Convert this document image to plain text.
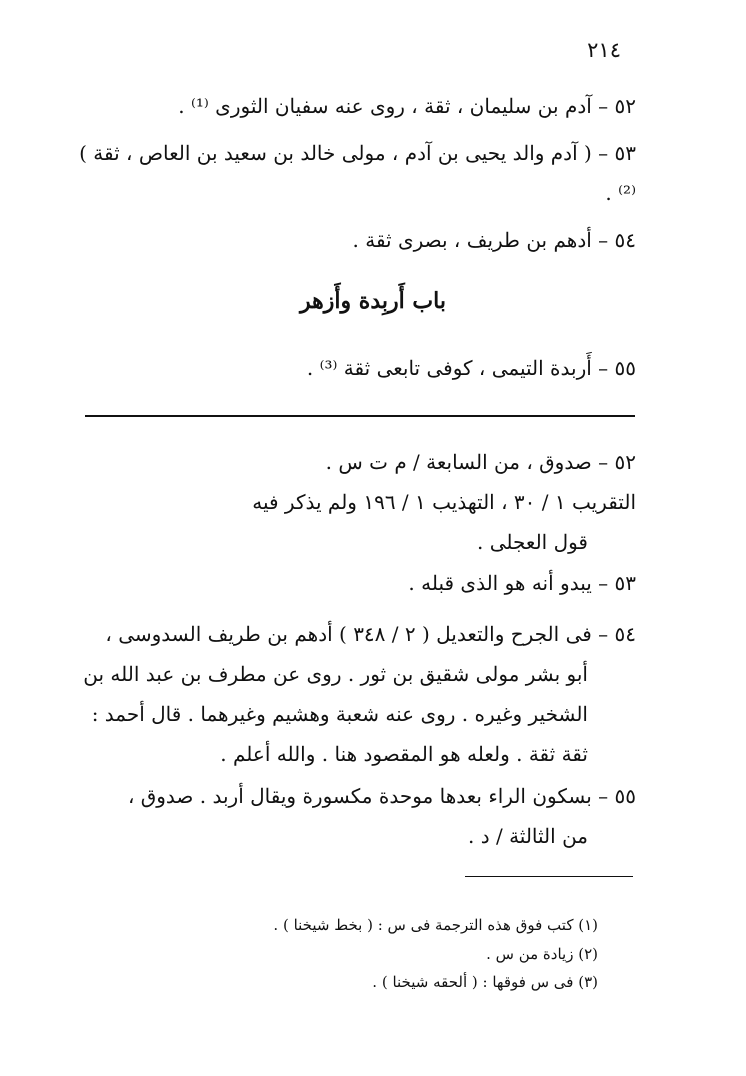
٢١٤
٥٢ – آدم بن سليمان ، ثقة ، روى عنه سفيان الثورى ⁽¹⁾ .
٥٣ – ( آدم والد يحيى بن آدم ، مولى خالد بن سعيد بن العاص ، ثقة ) ⁽²⁾ .
٥٤ – أدهم بن طريف ، بصرى ثقة .
باب أَربِدة وأَزهر
٥٥ – أَربدة التيمى ، كوفى تابعى ثقة ⁽³⁾ .
٥٢ – صدوق ، من السابعة / م ت س .
التقريب ١ / ٣٠ ، التهذيب ١ / ١٩٦ ولم يذكر فيه
قول العجلى .
٥٣ – يبدو أنه هو الذى قبله .
٥٤ – فى الجرح والتعديل ( ٢ / ٣٤٨ ) أدهم بن طريف السدوسى ،
أبو بشر مولى شقيق بن ثور . روى عن مطرف بن عبد الله بن
الشخير وغيره . روى عنه شعبة وهشيم وغيرهما . قال أحمد :
ثقة ثقة . ولعله هو المقصود هنا . والله أعلم .
٥٥ – بسكون الراء بعدها موحدة مكسورة ويقال أربد . صدوق ،
من الثالثة / د .
(١) كتب فوق هذه الترجمة فى س : ( بخط شيخنا ) .
(٢) زيادة من س .
(٣) فى س فوقها : ( ألحقه شيخنا ) .
